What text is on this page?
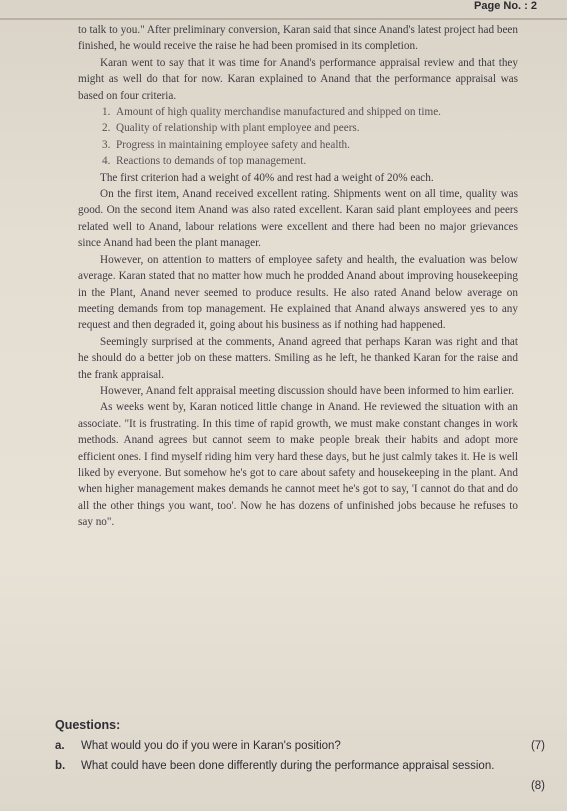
Page No. : 2

to talk to you." After preliminary conversion, Karan said that since Anand's latest project had been finished, he would receive the raise he had been promised in its completion.

Karan went to say that it was time for Anand's performance appraisal review and that they might as well do that for now. Karan explained to Anand that the performance appraisal was based on four criteria.

1. Amount of high quality merchandise manufactured and shipped on time.
2. Quality of relationship with plant employee and peers.
3. Progress in maintaining employee safety and health.
4. Reactions to demands of top management.

The first criterion had a weight of 40% and rest had a weight of 20% each.

On the first item, Anand received excellent rating. Shipments went on all time, quality was good. On the second item Anand was also rated excellent. Karan said plant employees and peers related well to Anand, labour relations were excellent and there had been no major grievances since Anand had been the plant manager.

However, on attention to matters of employee safety and health, the evaluation was below average. Karan stated that no matter how much he prodded Anand about improving housekeeping in the Plant, Anand never seemed to produce results. He also rated Anand below average on meeting demands from top management. He explained that Anand always answered yes to any request and then degraded it, going about his business as if nothing had happened.

Seemingly surprised at the comments, Anand agreed that perhaps Karan was right and that he should do a better job on these matters. Smiling as he left, he thanked Karan for the raise and the frank appraisal.

However, Anand felt appraisal meeting discussion should have been informed to him earlier.

As weeks went by, Karan noticed little change in Anand. He reviewed the situation with an associate. "It is frustrating. In this time of rapid growth, we must make constant changes in work methods. Anand agrees but cannot seem to make people break their habits and adopt more efficient ones. I find myself riding him very hard these days, but he just calmly takes it. He is well liked by everyone. But somehow he's got to care about safety and housekeeping in the plant. And when higher management makes demands he cannot meet he's got to say, 'I cannot do that and do all the other things you want, too'. Now he has dozens of unfinished jobs because he refuses to say no".

Questions:
a. What would you do if you were in Karan's position?	(7)
b. What could have been done differently during the performance appraisal session.
(8)
